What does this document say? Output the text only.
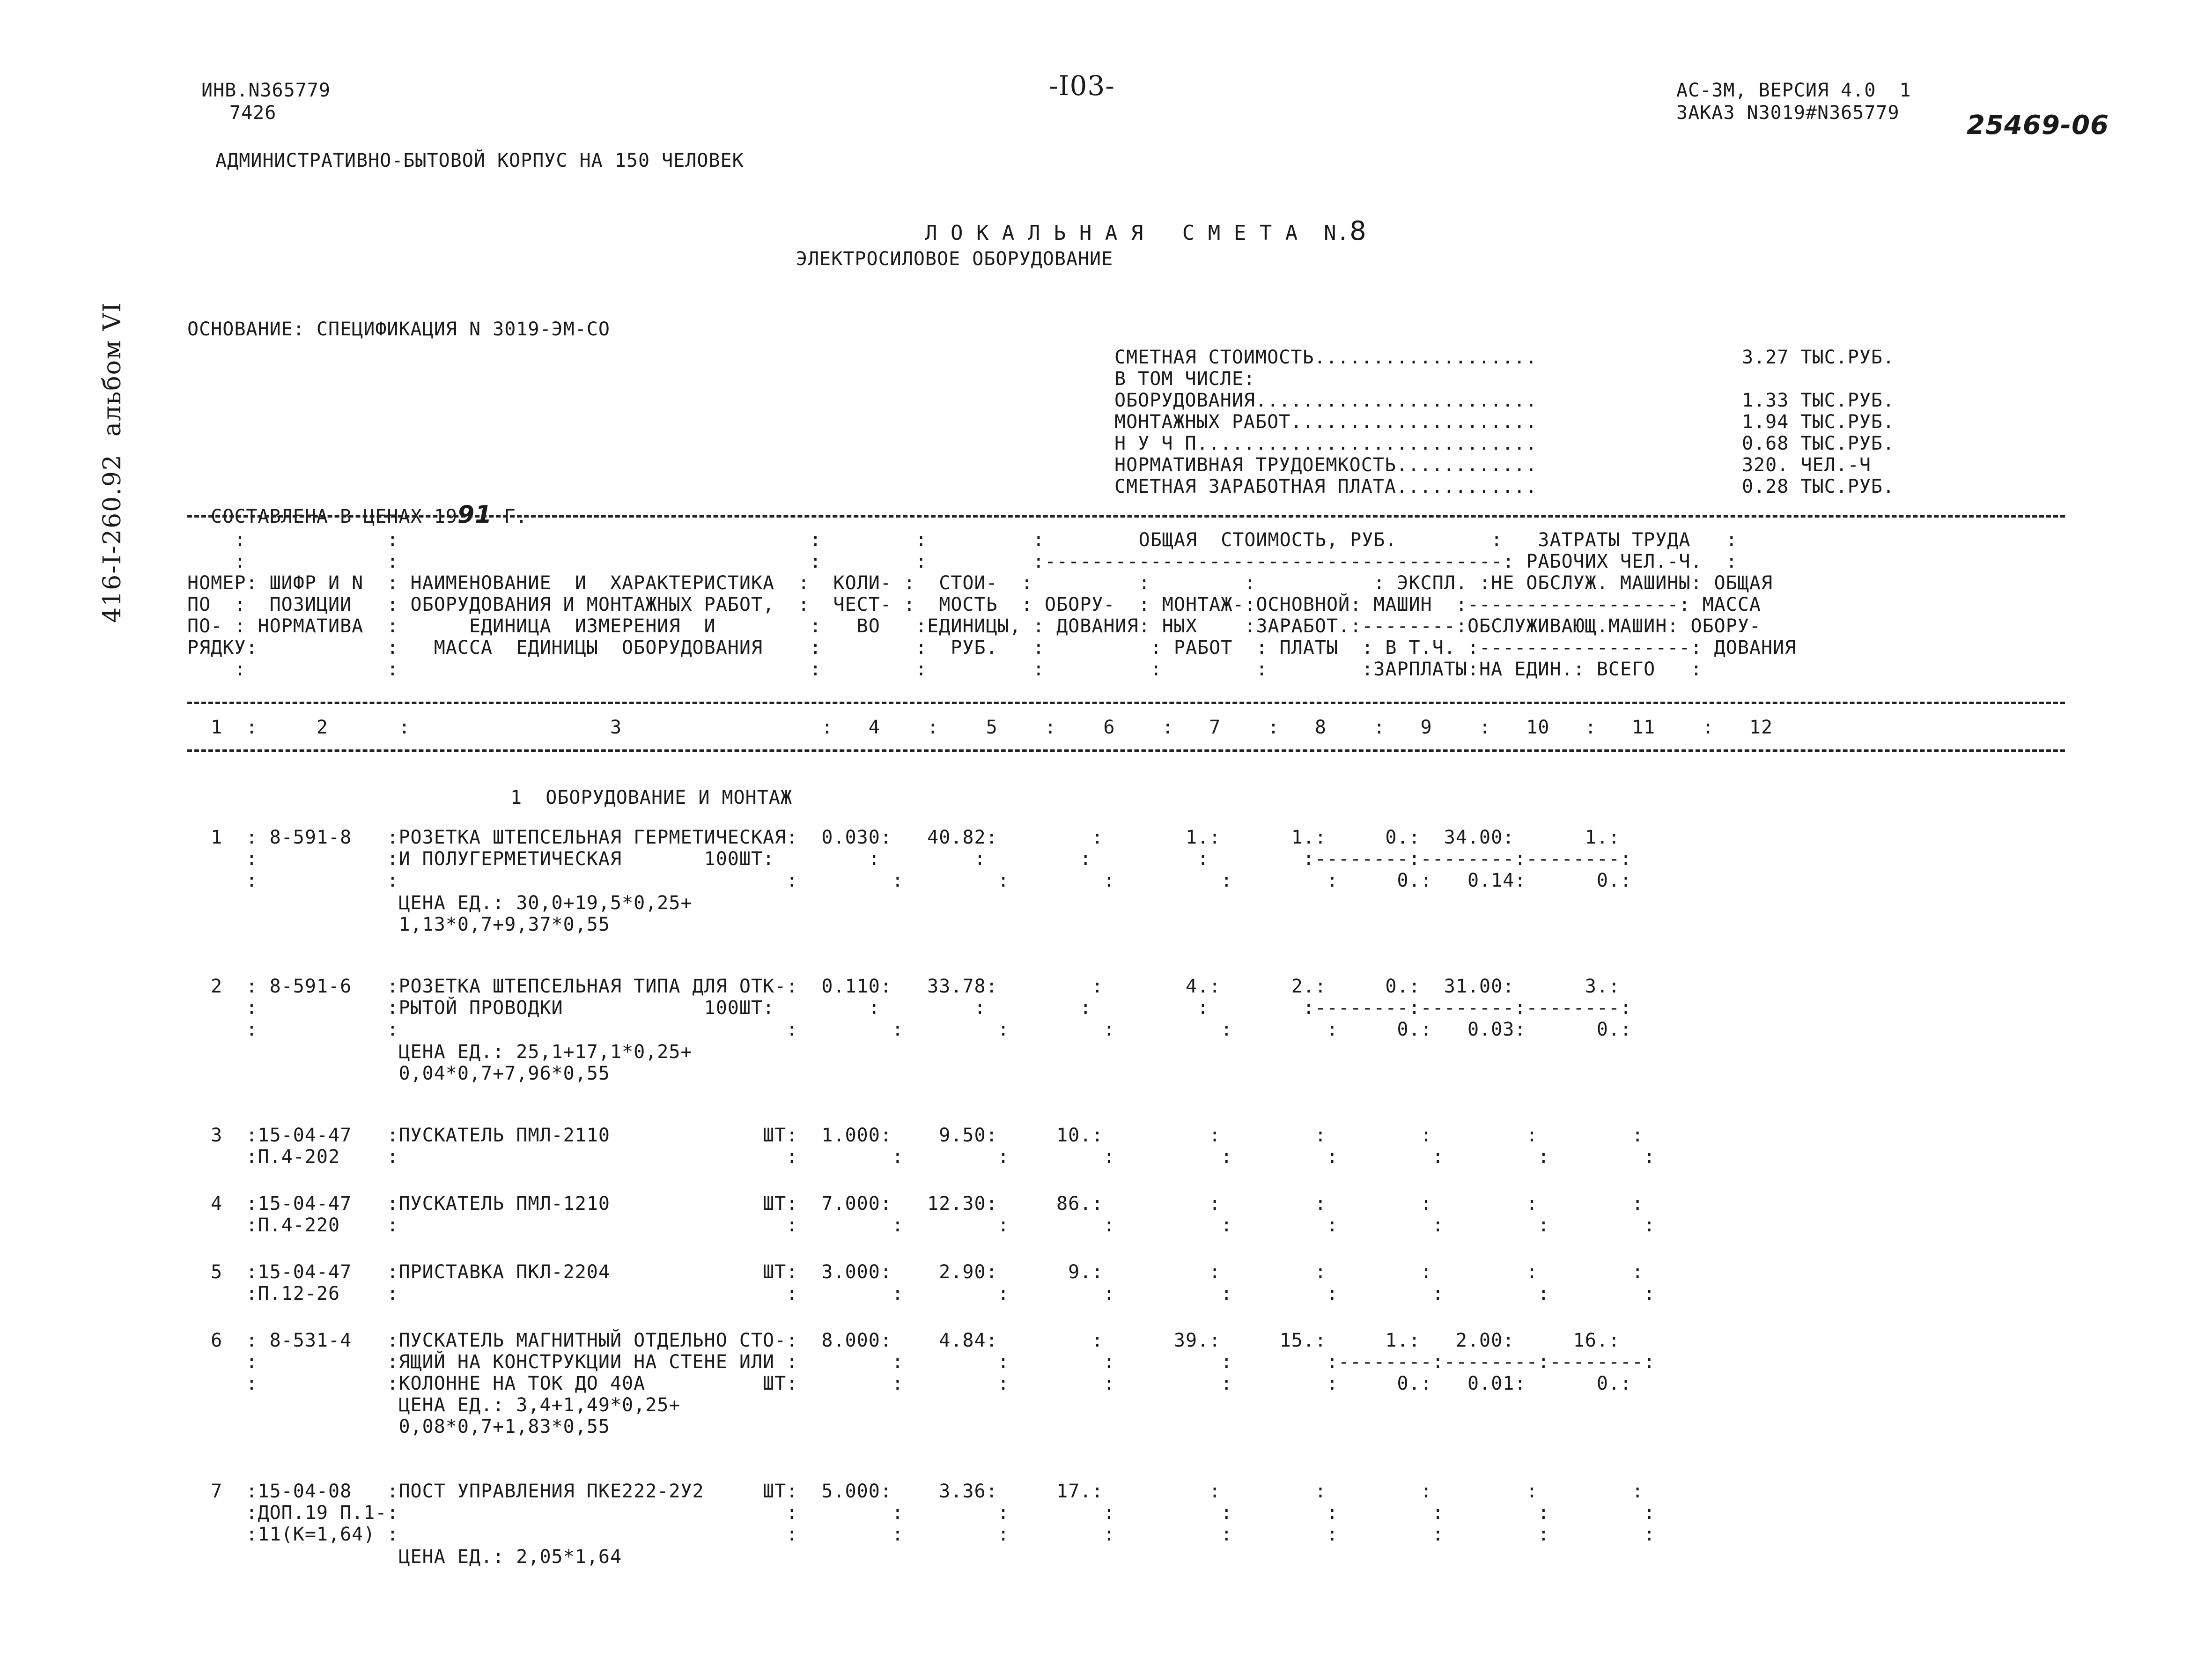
ИНВ.N365779
7426
-I03-	АС-3М, ВЕРСИЯ 4.0  1
ЗАКАЗ N3019#N365779	25469-06
АДМИНИСТРАТИВНО-БЫТОВОЙ КОРПУС НА 150 ЧЕЛОВЕК

Л О К А Л Ь Н А Я   С М Е Т А  N.8

ЭЛЕКТРОСИЛОВОЕ ОБОРУДОВАНИЕ
416-I-260.92  альбом VI	ОСНОВАНИЕ: СПЕЦИФИКАЦИЯ N 3019-ЭМ-СО
СМЕТНАЯ СТОИМОСТЬ...................	3.27 ТЫС.РУБ.
В ТОМ ЧИСЛЕ:
ОБОРУДОВАНИЯ........................	1.33 ТЫС.РУБ.
МОНТАЖНЫХ РАБОТ.....................	1.94 ТЫС.РУБ.
Н У Ч П.............................	0.68 ТЫС.РУБ.
НОРМАТИВНАЯ ТРУДОЕМКОСТЬ............	320. ЧЕЛ.-Ч
СМЕТНАЯ ЗАРАБОТНАЯ ПЛАТА............	0.28 ТЫС.РУБ.

СОСТАВЛЕНА В ЦЕНАХ 1991 Г.

:            :                                   :        :         :        ОБЩАЯ  СТОИМОСТЬ, РУБ.        :   ЗАТРАТЫ ТРУДА   :
:            :                                   :        :         :---------------------------------------: РАБОЧИХ ЧЕЛ.-Ч.  :
НОМЕР: ШИФР И N  : НАИМЕНОВАНИЕ  И  ХАРАКТЕРИСТИКА  :  КОЛИ- :  СТОИ-  :         :        :          : ЭКСПЛ. :НЕ ОБСЛУЖ. МАШИНЫ: ОБЩАЯ
ПО  :  ПОЗИЦИИ   : ОБОРУДОВАНИЯ И МОНТАЖНЫХ РАБОТ,  :  ЧЕСТ- :  МОСТЬ  : ОБОРУ-  : МОНТАЖ-:ОСНОВНОЙ: МАШИН  :------------------: МАССА
ПО- : НОРМАТИВА  :      ЕДИНИЦА  ИЗМЕРЕНИЯ  И        :   ВО   :ЕДИНИЦЫ, : ДОВАНИЯ: НЫХ    :ЗАРАБОТ.:--------:ОБСЛУЖИВАЮЩ.МАШИН: ОБОРУ-
РЯДКУ:           :   МАССА  ЕДИНИЦЫ  ОБОРУДОВАНИЯ    :        :  РУБ.   :         : РАБОТ  : ПЛАТЫ  : В Т.Ч. :------------------: ДОВАНИЯ
:            :                                   :        :         :         :        :        :ЗАРПЛАТЫ:НА ЕДИН.: ВСЕГО   :
1  :     2      :                 3                 :   4    :    5    :    6    :   7    :   8    :   9    :   10   :   11    :   12
1  ОБОРУДОВАНИЕ И МОНТАЖ
1  : 8-591-8   :РОЗЕТКА ШТЕПСЕЛЬНАЯ ГЕРМЕТИЧЕСКАЯ:  0.030:   40.82:        :       1.:      1.:     0.:  34.00:      1.:
:           :И ПОЛУГЕРМЕТИЧЕСКАЯ       100ШТ:        :        :        :         :        :--------:--------:--------:
:           :                                 :        :        :        :         :        :     0.:   0.14:      0.:
ЦЕНА ЕД.: 30,0+19,5*0,25+
1,13*0,7+9,37*0,55
2  : 8-591-6   :РОЗЕТКА ШТЕПСЕЛЬНАЯ ТИПА ДЛЯ ОТК-:  0.110:   33.78:        :       4.:      2.:     0.:  31.00:      3.:
:           :РЫТОЙ ПРОВОДКИ            100ШТ:        :        :        :         :        :--------:--------:--------:
:           :                                 :        :        :        :         :        :     0.:   0.03:      0.:
ЦЕНА ЕД.: 25,1+17,1*0,25+
0,04*0,7+7,96*0,55
3  :15-04-47   :ПУСКАТЕЛЬ ПМЛ-2110             ШТ:  1.000:    9.50:     10.:         :        :        :        :        :
:П.4-202    :                                 :        :        :        :         :        :        :        :        :
4  :15-04-47   :ПУСКАТЕЛЬ ПМЛ-1210             ШТ:  7.000:   12.30:     86.:         :        :        :        :        :
:П.4-220    :                                 :        :        :        :         :        :        :        :        :
5  :15-04-47   :ПРИСТАВКА ПКЛ-2204             ШТ:  3.000:    2.90:      9.:         :        :        :        :        :
:П.12-26    :                                 :        :        :        :         :        :        :        :        :
6  : 8-531-4   :ПУСКАТЕЛЬ МАГНИТНЫЙ ОТДЕЛЬНО СТО-:  8.000:    4.84:        :      39.:     15.:     1.:   2.00:     16.:
:           :ЯЩИЙ НА КОНСТРУКЦИИ НА СТЕНЕ ИЛИ :        :        :        :         :        :--------:--------:--------:
:           :КОЛОННЕ НА ТОК ДО 40А          ШТ:        :        :        :         :        :     0.:   0.01:      0.:
ЦЕНА ЕД.: 3,4+1,49*0,25+
0,08*0,7+1,83*0,55
7  :15-04-08   :ПОСТ УПРАВЛЕНИЯ ПКЕ222-2У2     ШТ:  5.000:    3.36:     17.:         :        :        :        :        :
:ДОП.19 П.1-:                                 :        :        :        :         :        :        :        :        :
:11(К=1,64) :                                 :        :        :        :         :        :        :        :        :
ЦЕНА ЕД.: 2,05*1,64
